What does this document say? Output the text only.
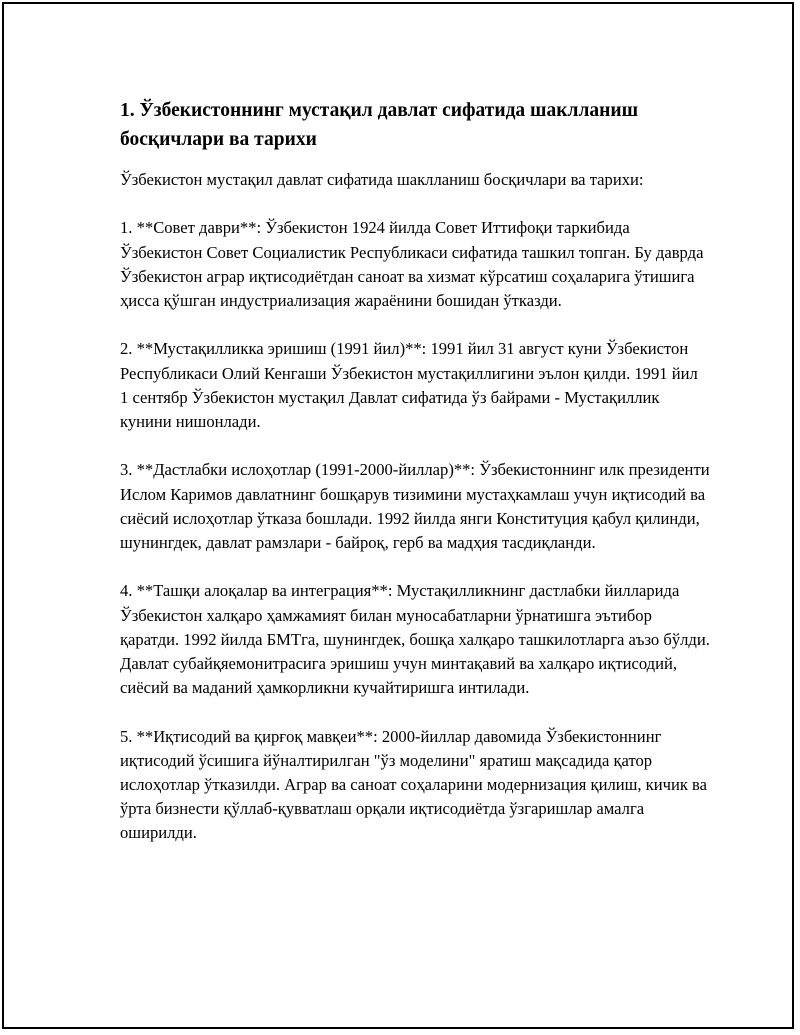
1. Ўзбекистоннинг мустақил давлат сифатида шаклланиш босқичлари ва тарихи

Ўзбекистон мустақил давлат сифатида шаклланиш босқичлари ва тарихи:

1. **Совет даври**: Ўзбекистон 1924 йилда Совет Иттифоқи таркибида Ўзбекистон Совет Социалистик Республикаси сифатида ташкил топган. Бу даврда Ўзбекистон аграр иқтисодиётдан саноат ва хизмат кўрсатиш соҳаларига ўтишига ҳисса қўшган индустриализация жараёнини бошидан ўтказди.

2. **Мустақилликка эришиш (1991 йил)**: 1991 йил 31 август куни Ўзбекистон Республикаси Олий Кенгаши Ўзбекистон мустақиллигини эълон қилди. 1991 йил 1 сентябр Ўзбекистон мустақил Давлат сифатида ўз байрами - Мустақиллик кунини нишонлади.

3. **Дастлабки ислоҳотлар (1991-2000-йиллар)**: Ўзбекистоннинг илк президенти Ислом Каримов давлатнинг бошқарув тизимини мустаҳкамлаш учун иқтисодий ва сиёсий ислоҳотлар ўтказа бошлади. 1992 йилда янги Конституция қабул қилинди, шунингдек, давлат рамзлари - байроқ, герб ва мадҳия тасдиқланди.

4. **Ташқи алоқалар ва интеграция**: Мустақилликнинг дастлабки йилларида Ўзбекистон халқаро ҳамжамият билан муносабатларни ўрнатишга эътибор қаратди. 1992 йилда БМТга, шунингдек, бошқа халқаро ташкилотларга аъзо бўлди. Давлат субайқяемонитрасига эришиш учун минтақавий ва халқаро иқтисодий, сиёсий ва маданий ҳамкорликни кучайтиришга интилади.

5. **Иқтисодий ва қирғоқ мавқеи**: 2000-йиллар давомида Ўзбекистоннинг иқтисодий ўсишига йўналтирилган "ўз моделини" яратиш мақсадида қатор ислоҳотлар ўтказилди. Аграр ва саноат соҳаларини модернизация қилиш, кичик ва ўрта бизнести қўллаб-қувватлаш орқали иқтисодиётда ўзгаришлар амалга оширилди.
